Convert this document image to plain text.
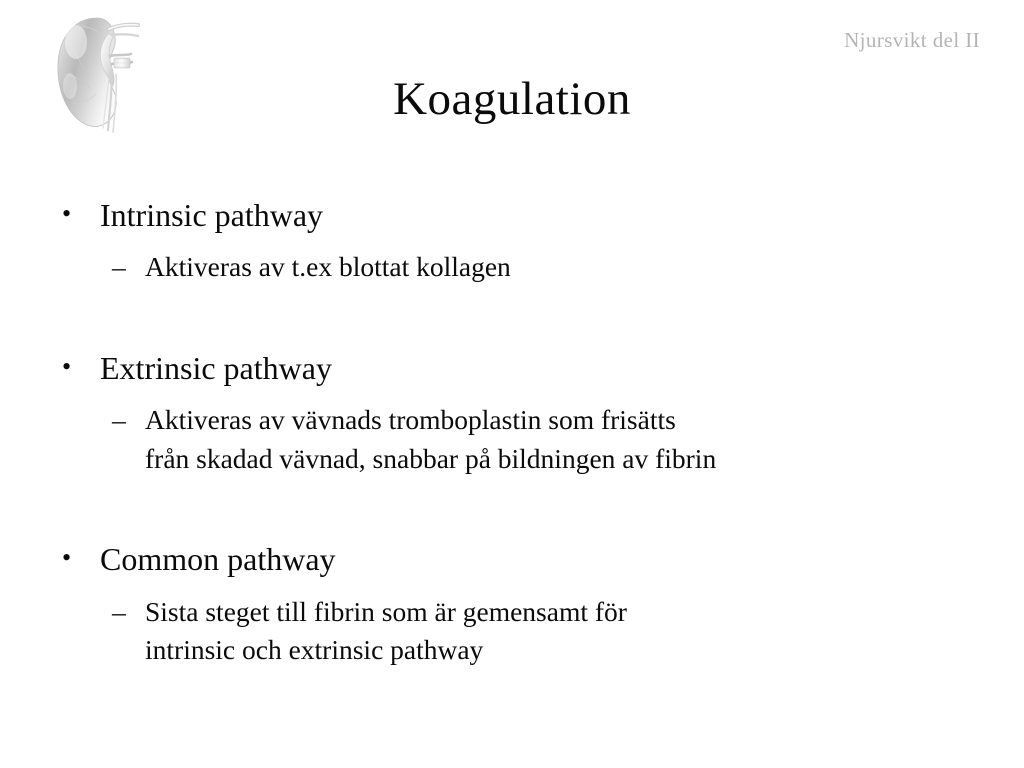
Njursvikt del II
Koagulation

• Intrinsic pathway

– Aktiveras av t.ex blottat kollagen

• Extrinsic pathway

– Aktiveras av vävnads tromboplastin som frisätts
från skadad vävnad, snabbar på bildningen av fibrin

• Common pathway

– Sista steget till fibrin som är gemensamt för
intrinsic och extrinsic pathway
